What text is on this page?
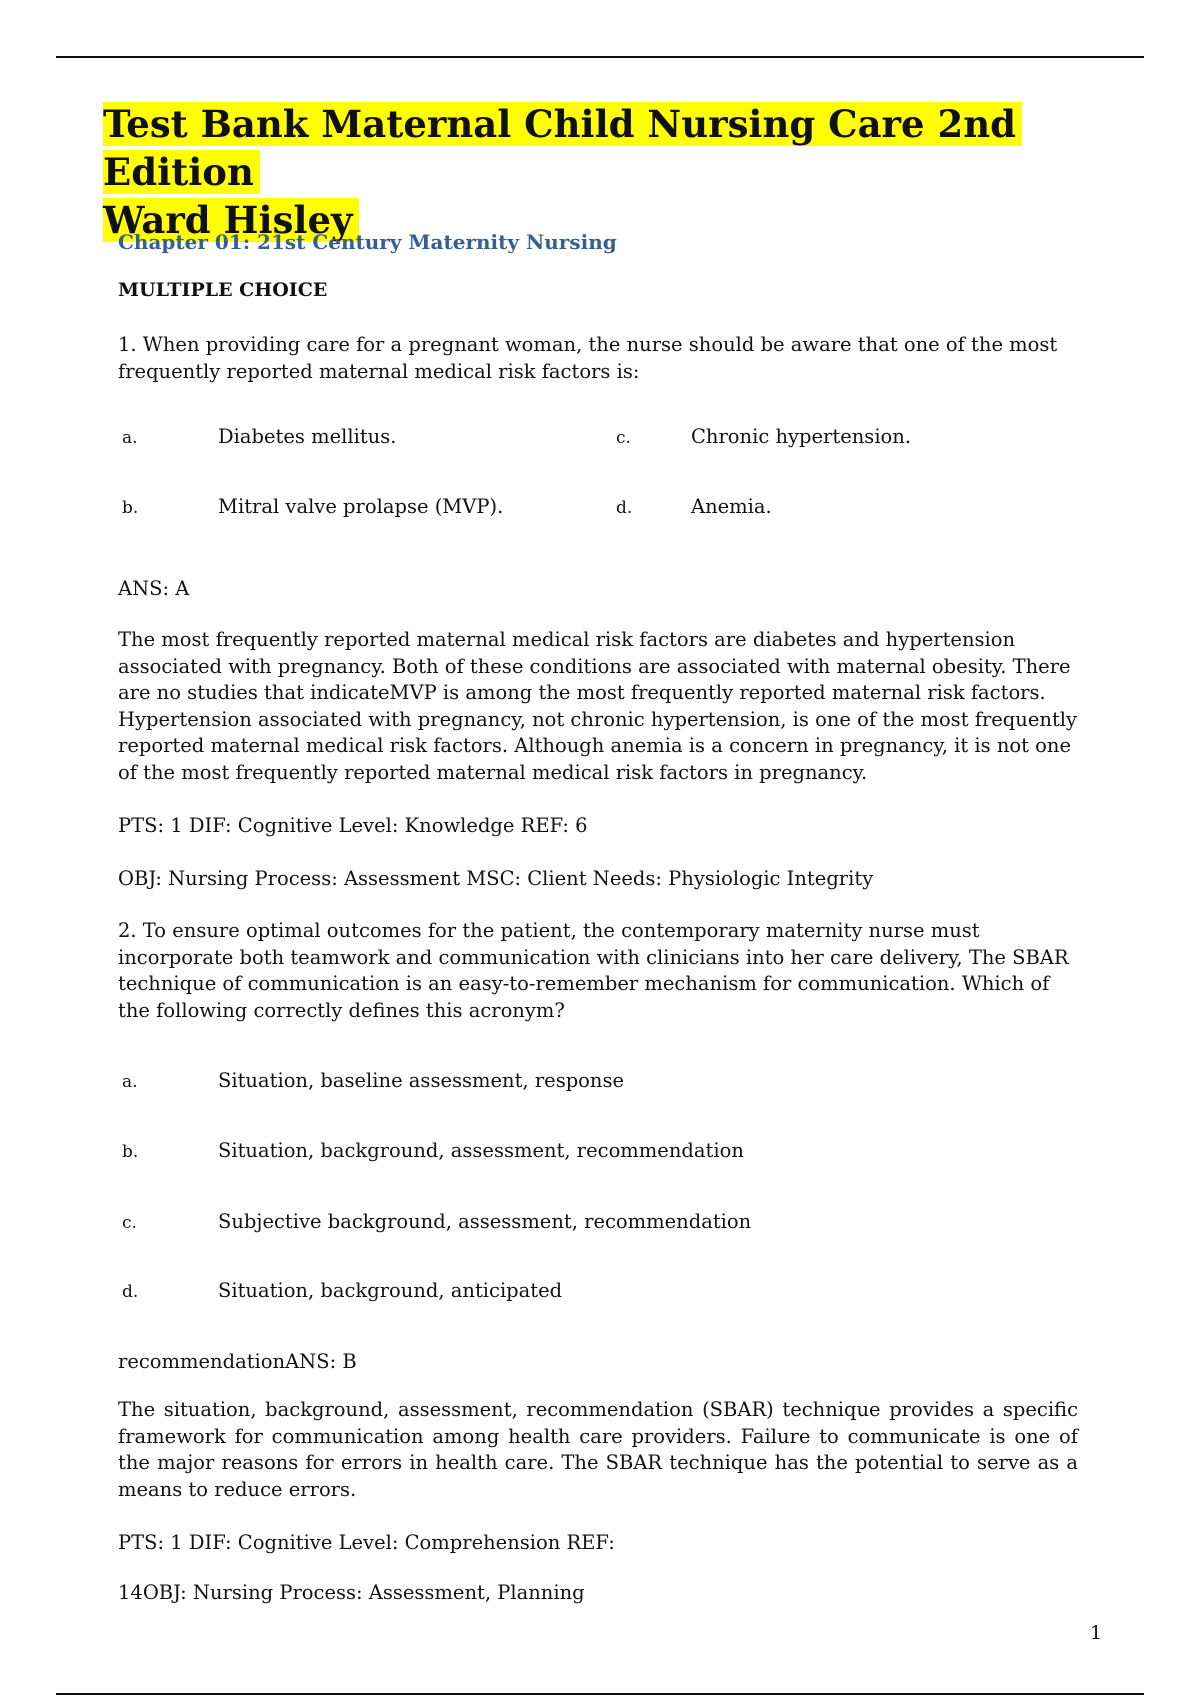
Test Bank Maternal Child Nursing Care 2nd Edition
Ward Hisley
Chapter 01: 21st Century Maternity Nursing
MULTIPLE CHOICE

1. When providing care for a pregnant woman, the nurse should be aware that one of the most frequently reported maternal medical risk factors is:

a.	Diabetes mellitus.	c.	Chronic hypertension.
b.	Mitral valve prolapse (MVP).	d.	Anemia.

ANS: A

The most frequently reported maternal medical risk factors are diabetes and hypertension associated with pregnancy. Both of these conditions are associated with maternal obesity. There are no studies that indicateMVP is among the most frequently reported maternal risk factors. Hypertension associated with pregnancy, not chronic hypertension, is one of the most frequently reported maternal medical risk factors. Although anemia is a concern in pregnancy, it is not one of the most frequently reported maternal medical risk factors in pregnancy.

PTS: 1 DIF: Cognitive Level: Knowledge REF: 6

OBJ: Nursing Process: Assessment MSC: Client Needs: Physiologic Integrity

2. To ensure optimal outcomes for the patient, the contemporary maternity nurse must incorporate both teamwork and communication with clinicians into her care delivery, The SBAR technique of communication is an easy-to-remember mechanism for communication. Which of the following correctly defines this acronym?

a.	Situation, baseline assessment, response
b.	Situation, background, assessment, recommendation
c.	Subjective background, assessment, recommendation
d.	Situation, background, anticipated

recommendationANS: B

The situation, background, assessment, recommendation (SBAR) technique provides a specific framework for communication among health care providers. Failure to communicate is one of the major reasons for errors in health care. The SBAR technique has the potential to serve as a means to reduce errors.

PTS: 1 DIF: Cognitive Level: Comprehension REF:

14OBJ: Nursing Process: Assessment, Planning

1
